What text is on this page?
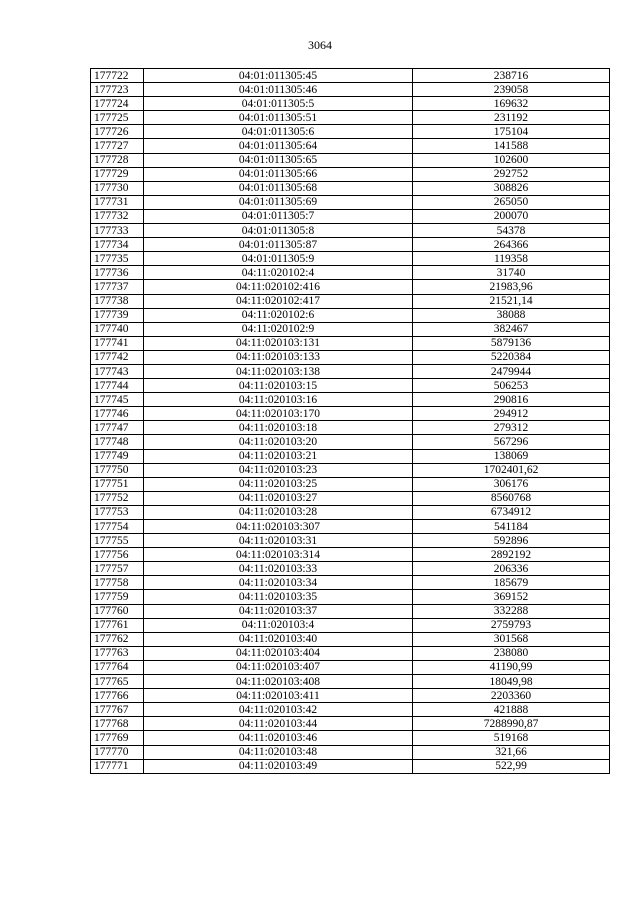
3064
177722	04:01:011305:45	238716
177723	04:01:011305:46	239058
177724	04:01:011305:5	169632
177725	04:01:011305:51	231192
177726	04:01:011305:6	175104
177727	04:01:011305:64	141588
177728	04:01:011305:65	102600
177729	04:01:011305:66	292752
177730	04:01:011305:68	308826
177731	04:01:011305:69	265050
177732	04:01:011305:7	200070
177733	04:01:011305:8	54378
177734	04:01:011305:87	264366
177735	04:01:011305:9	119358
177736	04:11:020102:4	31740
177737	04:11:020102:416	21983,96
177738	04:11:020102:417	21521,14
177739	04:11:020102:6	38088
177740	04:11:020102:9	382467
177741	04:11:020103:131	5879136
177742	04:11:020103:133	5220384
177743	04:11:020103:138	2479944
177744	04:11:020103:15	506253
177745	04:11:020103:16	290816
177746	04:11:020103:170	294912
177747	04:11:020103:18	279312
177748	04:11:020103:20	567296
177749	04:11:020103:21	138069
177750	04:11:020103:23	1702401,62
177751	04:11:020103:25	306176
177752	04:11:020103:27	8560768
177753	04:11:020103:28	6734912
177754	04:11:020103:307	541184
177755	04:11:020103:31	592896
177756	04:11:020103:314	2892192
177757	04:11:020103:33	206336
177758	04:11:020103:34	185679
177759	04:11:020103:35	369152
177760	04:11:020103:37	332288
177761	04:11:020103:4	2759793
177762	04:11:020103:40	301568
177763	04:11:020103:404	238080
177764	04:11:020103:407	41190,99
177765	04:11:020103:408	18049,98
177766	04:11:020103:411	2203360
177767	04:11:020103:42	421888
177768	04:11:020103:44	7288990,87
177769	04:11:020103:46	519168
177770	04:11:020103:48	321,66
177771	04:11:020103:49	522,99
